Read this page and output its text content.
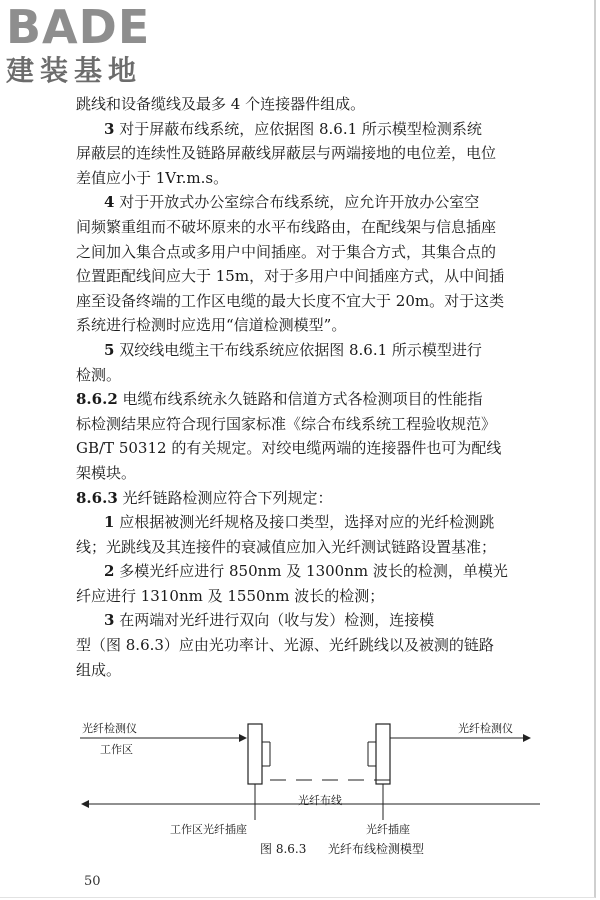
BADE
建装基地
跳线和设备缆线及最多 4 个连接器件组成。
3 对于屏蔽布线系统，应依据图 8.6.1 所示模型检测系统
屏蔽层的连续性及链路屏蔽线屏蔽层与两端接地的电位差，电位
差值应小于 1Vr.m.s。
4 对于开放式办公室综合布线系统，应允许开放办公室空
间频繁重组而不破坏原来的水平布线路由，在配线架与信息插座
之间加入集合点或多用户中间插座。对于集合方式，其集合点的
位置距配线间应大于 15m，对于多用户中间插座方式，从中间插
座至设备终端的工作区电缆的最大长度不宜大于 20m。对于这类
系统进行检测时应选用“信道检测模型”。
5 双绞线电缆主干布线系统应依据图 8.6.1 所示模型进行
检测。
8.6.2 电缆布线系统永久链路和信道方式各检测项目的性能指
标检测结果应符合现行国家标准《综合布线系统工程验收规范》
GB/T 50312 的有关规定。对绞电缆两端的连接器件也可为配线
架模块。
8.6.3 光纤链路检测应符合下列规定：
1 应根据被测光纤规格及接口类型，选择对应的光纤检测跳
线；光跳线及其连接件的衰减值应加入光纤测试链路设置基准；
2 多模光纤应进行 850nm 及 1300nm 波长的检测，单模光
纤应进行 1310nm 及 1550nm 波长的检测；
3 在两端对光纤进行双向（收与发）检测，连接模
型（图 8.6.3）应由光功率计、光源、光纤跳线以及被测的链路
组成。
光纤检测仪
工作区
光纤检测仪
光纤布线
工作区光纤插座	光纤插座
图 8.6.3 光纤布线检测模型
50
